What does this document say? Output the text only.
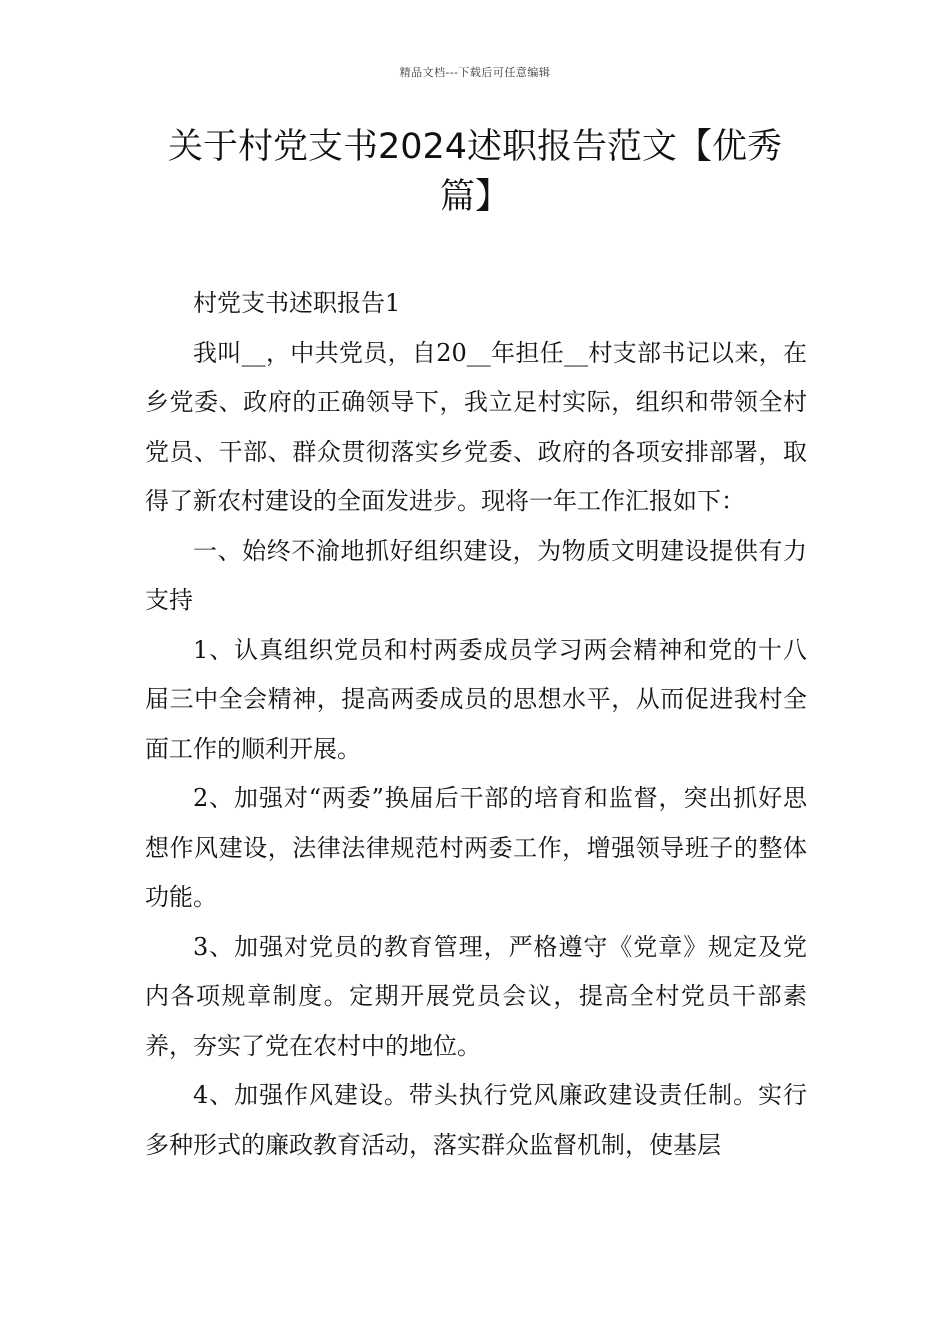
精品文档---下载后可任意编辑
关于村党支书2024述职报告范文【优秀篇】

村党支书述职报告1

我叫__，中共党员，自20__年担任__村支部书记以来，在乡党委、政府的正确领导下，我立足村实际，组织和带领全村党员、干部、群众贯彻落实乡党委、政府的各项安排部署，取得了新农村建设的全面发进步。现将一年工作汇报如下：

一、始终不渝地抓好组织建设，为物质文明建设提供有力支持

1、认真组织党员和村两委成员学习两会精神和党的十八届三中全会精神，提高两委成员的思想水平，从而促进我村全面工作的顺利开展。

2、加强对“两委”换届后干部的培育和监督，突出抓好思想作风建设，法律法律规范村两委工作，增强领导班子的整体功能。

3、加强对党员的教育管理，严格遵守《党章》规定及党内各项规章制度。定期开展党员会议，提高全村党员干部素养，夯实了党在农村中的地位。

4、加强作风建设。带头执行党风廉政建设责任制。实行多种形式的廉政教育活动，落实群众监督机制，使基层
